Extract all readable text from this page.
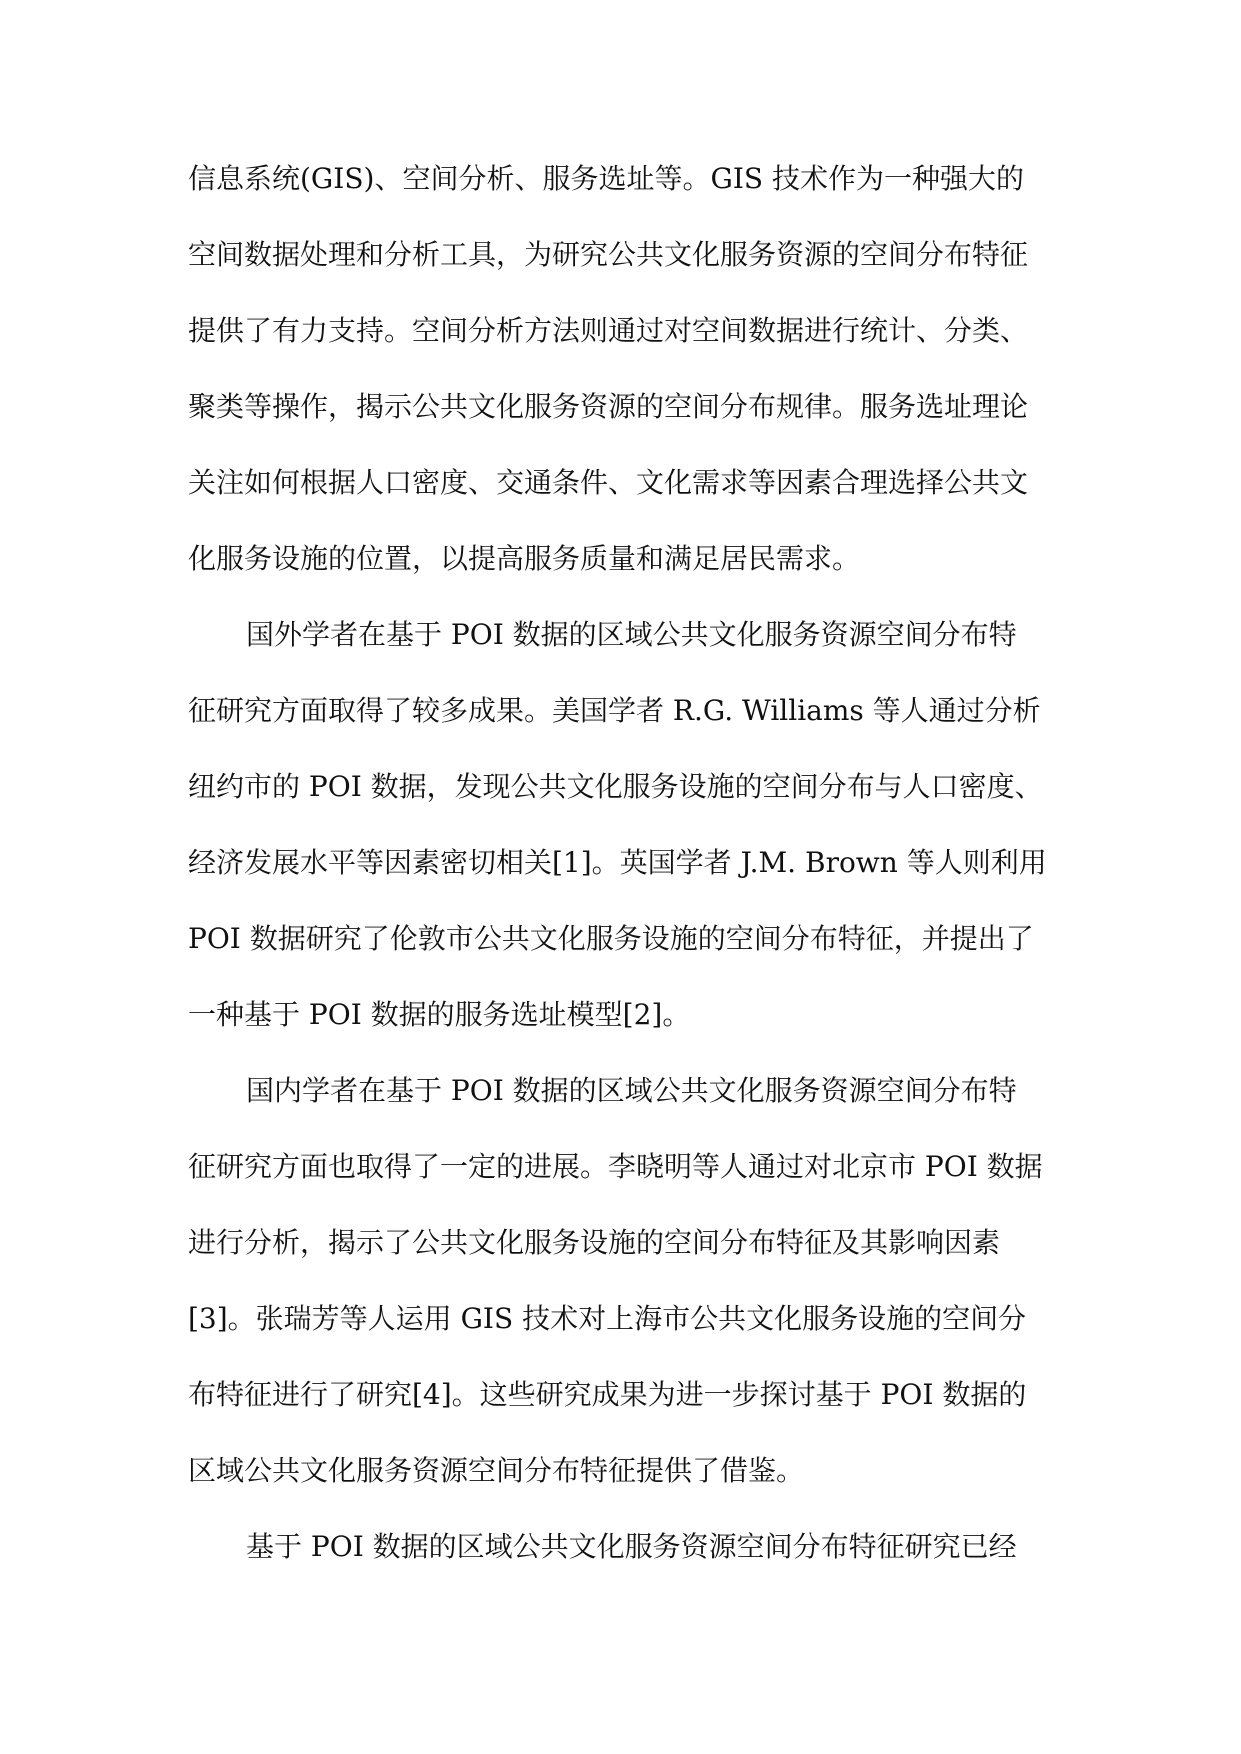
信息系统(GIS)、空间分析、服务选址等。GIS 技术作为一种强大的
空间数据处理和分析工具，为研究公共文化服务资源的空间分布特征
提供了有力支持。空间分析方法则通过对空间数据进行统计、分类、
聚类等操作，揭示公共文化服务资源的空间分布规律。服务选址理论
关注如何根据人口密度、交通条件、文化需求等因素合理选择公共文
化服务设施的位置，以提高服务质量和满足居民需求。
国外学者在基于 POI 数据的区域公共文化服务资源空间分布特
征研究方面取得了较多成果。美国学者 R.G. Williams 等人通过分析
纽约市的 POI 数据，发现公共文化服务设施的空间分布与人口密度、
经济发展水平等因素密切相关[1]。英国学者 J.M. Brown 等人则利用
POI 数据研究了伦敦市公共文化服务设施的空间分布特征，并提出了
一种基于 POI 数据的服务选址模型[2]。
国内学者在基于 POI 数据的区域公共文化服务资源空间分布特
征研究方面也取得了一定的进展。李晓明等人通过对北京市 POI 数据
进行分析，揭示了公共文化服务设施的空间分布特征及其影响因素
[3]。张瑞芳等人运用 GIS 技术对上海市公共文化服务设施的空间分
布特征进行了研究[4]。这些研究成果为进一步探讨基于 POI 数据的
区域公共文化服务资源空间分布特征提供了借鉴。
基于 POI 数据的区域公共文化服务资源空间分布特征研究已经
